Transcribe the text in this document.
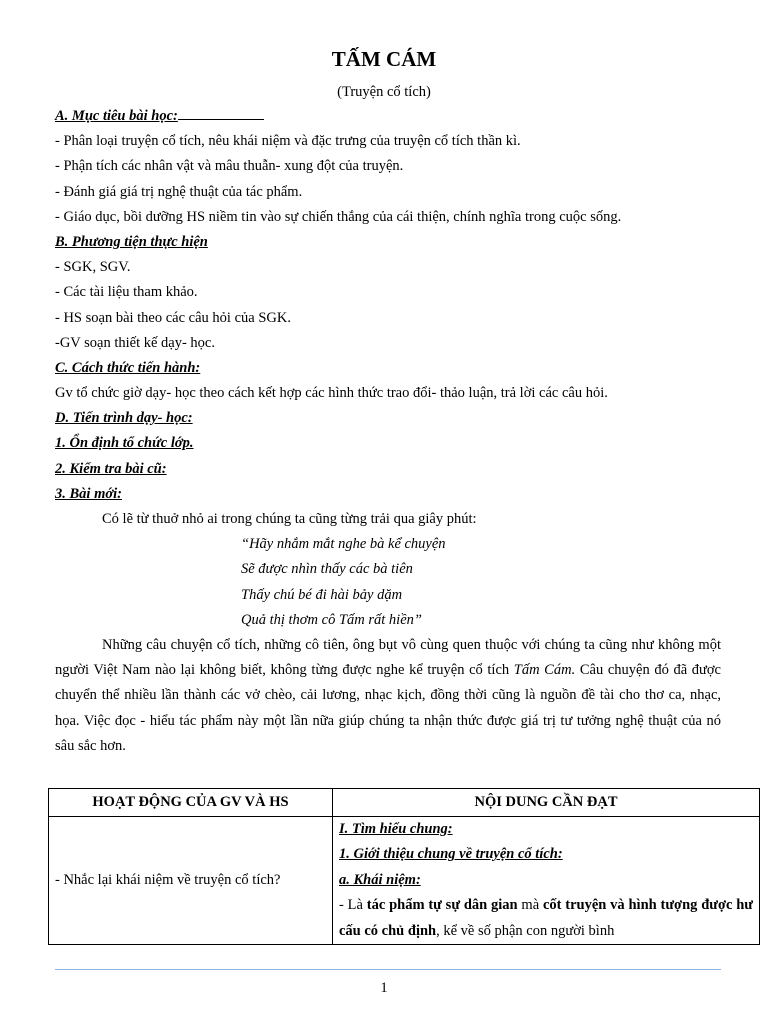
TẤM CÁM
(Truyện cổ tích)
A. Mục tiêu bài học:
- Phân loại truyện cổ tích, nêu khái niệm và đặc trưng của truyện cổ tích thần kì.
- Phận tích các nhân vật và mâu thuẫn- xung đột của truyện.
- Đánh giá giá trị nghệ thuật của tác phẩm.
- Giáo dục, bồi dưỡng HS niềm tin vào sự chiến thắng của cái thiện, chính nghĩa trong cuộc sống.
B. Phương tiện thực hiện
- SGK, SGV.
- Các tài liệu tham khảo.
- HS soạn bài theo các câu hỏi của SGK.
-GV soạn thiết kế dạy- học.
C. Cách thức tiến hành:
Gv tổ chức giờ dạy- học theo cách kết hợp các hình thức trao đổi- thảo luận, trả lời các câu hỏi.
D. Tiến trình dạy- học:
1. Ổn định tổ chức lớp.
2. Kiểm tra bài cũ:
3. Bài mới:
Có lẽ từ thuở nhỏ ai trong chúng ta cũng từng trải qua giây phút:
“Hãy nhắm mắt nghe bà kể chuyện
Sẽ được nhìn thấy các bà tiên
Thấy chú bé đi hài bảy dặm
Quả thị thơm cô Tấm rất hiền”

Những câu chuyện cổ tích, những cô tiên, ông bụt vô cùng quen thuộc với chúng ta cũng như không một người Việt Nam nào lại không biết, không từng được nghe kể truyện cổ tích Tấm Cám. Câu chuyện đó đã được chuyển thể nhiều lần thành các vở chèo, cải lương, nhạc kịch, đồng thời cũng là nguồn đề tài cho thơ ca, nhạc, họa. Việc đọc - hiểu tác phẩm này một lần nữa giúp chúng ta nhận thức được giá trị tư tưởng nghệ thuật của nó sâu sắc hơn.

HOẠT ĐỘNG CỦA GV VÀ HS	NỘI DUNG CẦN ĐẠT
- Nhắc lại khái niệm về truyện cổ tích?	I. Tìm hiểu chung:
1. Giới thiệu chung về truyện cổ tích:
a. Khái niệm:

- Là tác phẩm tự sự dân gian mà cốt truyện và hình tượng được hư cấu có chủ định, kể về số phận con người bình

1
